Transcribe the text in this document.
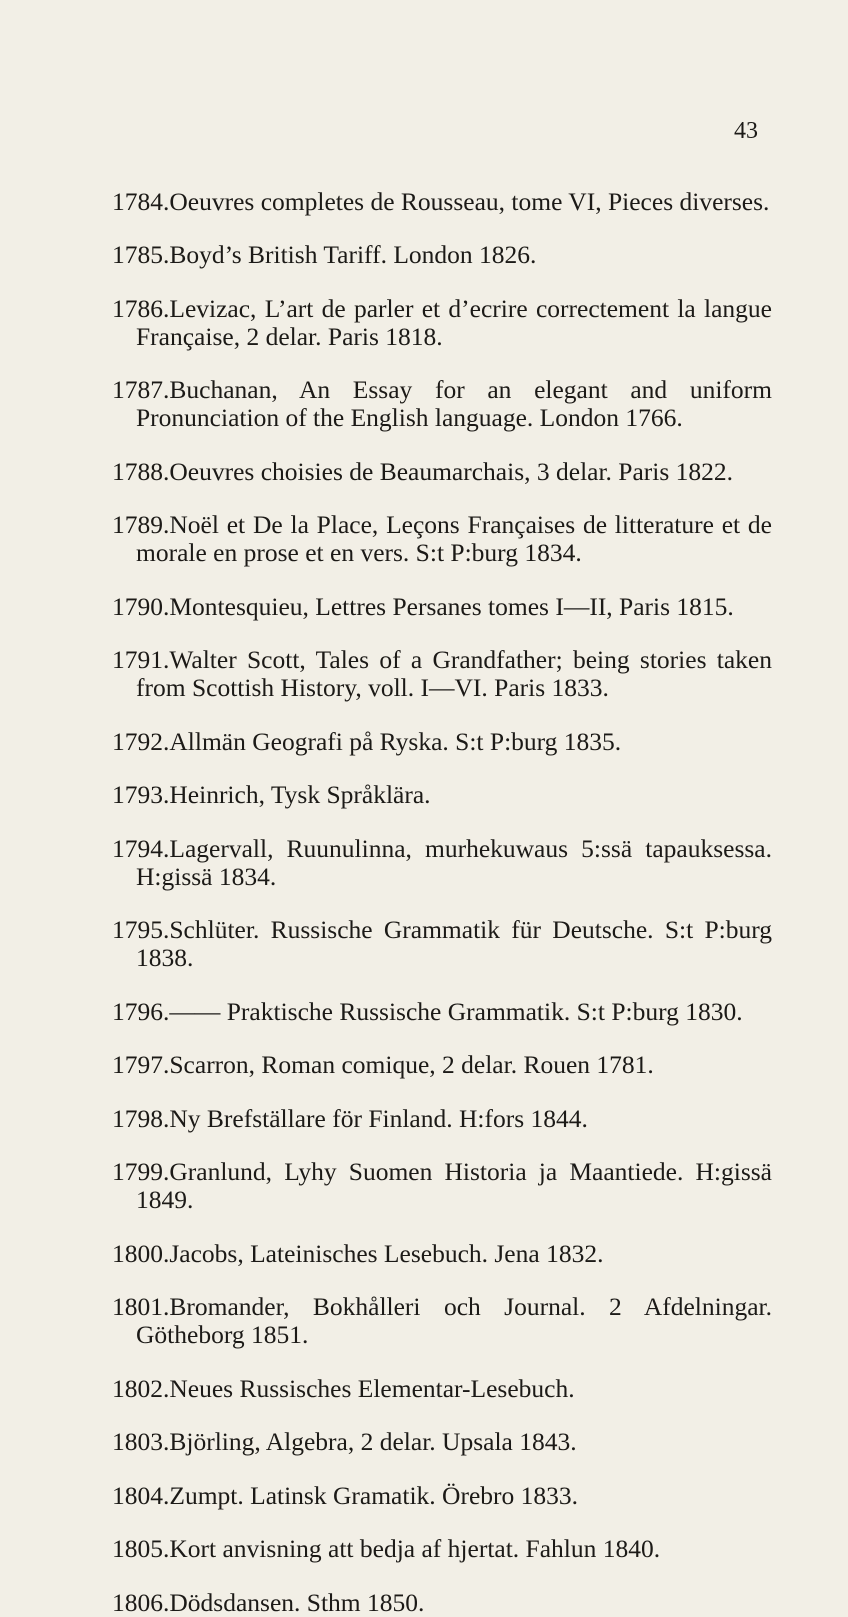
43

1784.Oeuvres completes de Rousseau, tome VI, Pieces diverses.

1785.Boyd’s British Tariff. London 1826.

1786.Levizac, L’art de parler et d’ecrire correctement la langue Française, 2 delar. Paris 1818.

1787.Buchanan, An Essay for an elegant and uniform Pronunciation of the English language. London 1766.

1788.Oeuvres choisies de Beaumarchais, 3 delar. Paris 1822.

1789.Noël et De la Place, Leçons Françaises de litterature et de morale en prose et en vers. S:t P:burg 1834.

1790.Montesquieu, Lettres Persanes tomes I—II, Paris 1815.

1791.Walter Scott, Tales of a Grandfather; being stories taken from Scottish History, voll. I—VI. Paris 1833.

1792.Allmän Geografi på Ryska. S:t P:burg 1835.

1793.Heinrich, Tysk Språklära.

1794.Lagervall, Ruunulinna, murhekuwaus 5:ssä tapauksessa. H:gissä 1834.

1795.Schlüter. Russische Grammatik für Deutsche. S:t P:burg 1838.

1796.—— Praktische Russische Grammatik. S:t P:burg 1830.

1797.Scarron, Roman comique, 2 delar. Rouen 1781.

1798.Ny Brefställare för Finland. H:fors 1844.

1799.Granlund, Lyhy Suomen Historia ja Maantiede. H:gissä 1849.

1800.Jacobs, Lateinisches Lesebuch. Jena 1832.

1801.Bromander, Bokhålleri och Journal. 2 Afdelningar. Götheborg 1851.

1802.Neues Russisches Elementar-Lesebuch.

1803.Björling, Algebra, 2 delar. Upsala 1843.

1804.Zumpt. Latinsk Gramatik. Örebro 1833.

1805.Kort anvisning att bedja af hjertat. Fahlun 1840.

1806.Dödsdansen. Sthm 1850.
